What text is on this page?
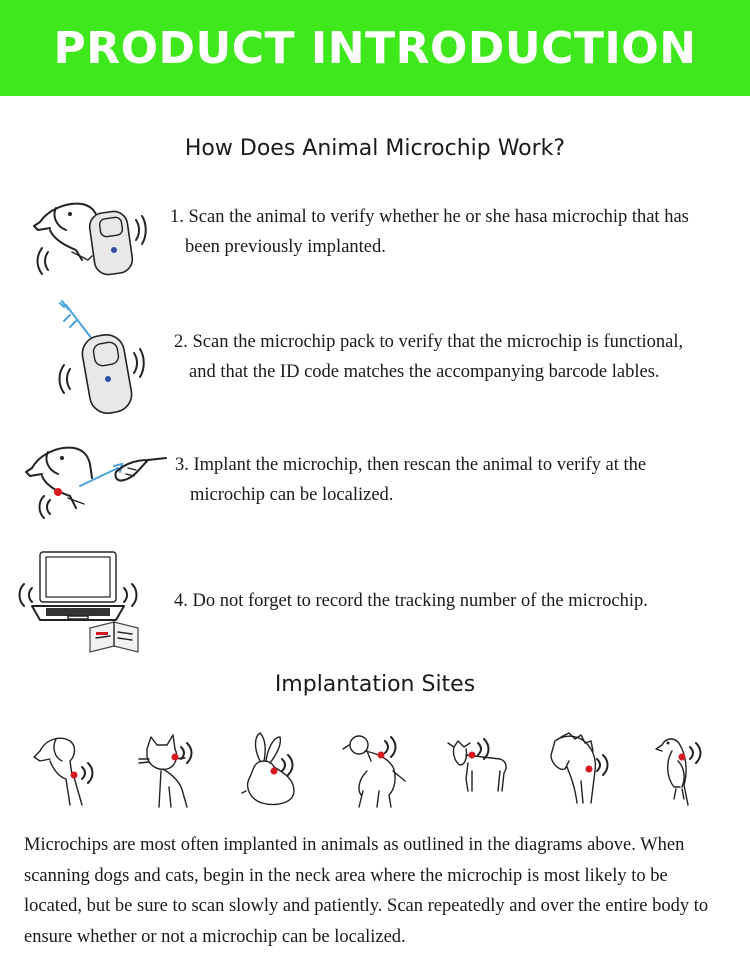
PRODUCT INTRODUCTION
How Does Animal Microchip Work?
1. Scan the animal to verify whether he or she hasa microchip that has
been previously implanted.
2. Scan the microchip pack to verify that the microchip is functional,
and that the ID code matches the accompanying barcode lables.
3. Implant the microchip, then rescan the animal to verify at the
microchip can be localized.
4. Do not forget to record the tracking number of the microchip.
Implantation Sites
Microchips are most often implanted in animals as outlined in the diagrams above. When scanning dogs and cats, begin in the neck area where the microchip is most likely to be located, but be sure to scan slowly and patiently. Scan repeatedly and over the entire body to ensure whether or not a microchip can be localized.
